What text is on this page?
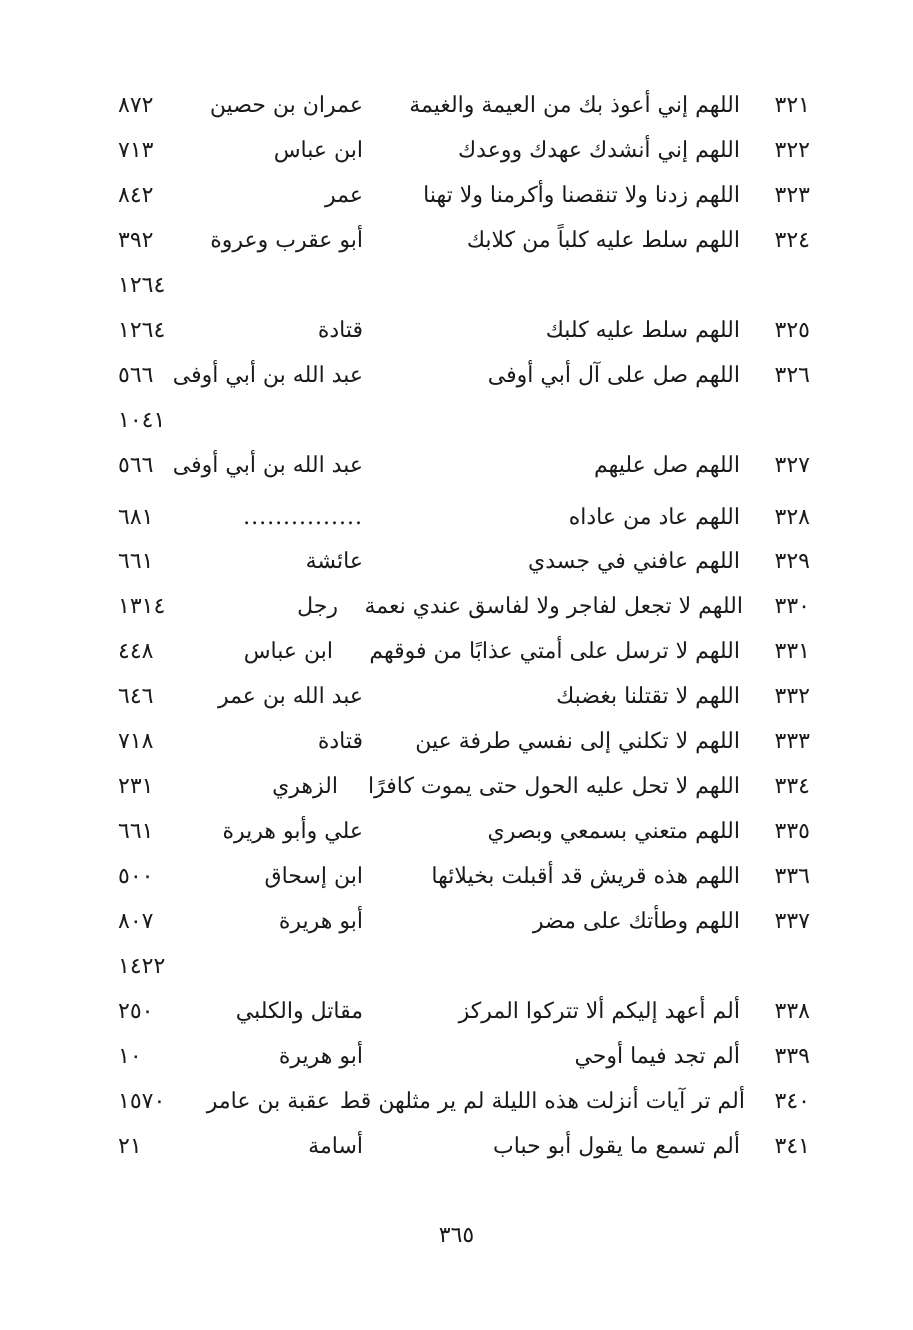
٣٢١
اللهم إني أعوذ بك من العيمة والغيمة
عمران بن حصين
٨٧٢
٣٢٢
اللهم إني أنشدك عهدك ووعدك
ابن عباس
٧١٣
٣٢٣
اللهم زدنا ولا تنقصنا وأكرمنا ولا تهنا
عمر
٨٤٢
٣٢٤
اللهم سلط عليه كلباً من كلابك
أبو عقرب وعروة
٣٩٢
١٢٦٤
٣٢٥
اللهم سلط عليه كلبك
قتادة
١٢٦٤
٣٢٦
اللهم صل على آل أبي أوفى
عبد الله بن أبي أوفى
٥٦٦
١٠٤١
٣٢٧
اللهم صل عليهم
عبد الله بن أبي أوفى
٥٦٦
٣٢٨
اللهم عاد من عاداه
...............
٦٨١
٣٢٩
اللهم عافني في جسدي
عائشة
٦٦١
٣٣٠
اللهم لا تجعل لفاجر ولا لفاسق عندي نعمة
رجل
١٣١٤
٣٣١
اللهم لا ترسل على أمتي عذابًا من فوقهم
ابن عباس
٤٤٨
٣٣٢
اللهم لا تقتلنا بغضبك
عبد الله بن عمر
٦٤٦
٣٣٣
اللهم لا تكلني إلى نفسي طرفة عين
قتادة
٧١٨
٣٣٤
اللهم لا تحل عليه الحول حتى يموت كافرًا
الزهري
٢٣١
٣٣٥
اللهم متعني بسمعي وبصري
علي وأبو هريرة
٦٦١
٣٣٦
اللهم هذه قريش قد أقبلت بخيلائها
ابن إسحاق
٥٠٠
٣٣٧
اللهم وطأتك على مضر
أبو هريرة
٨٠٧
١٤٢٢
٣٣٨
ألم أعهد إليكم ألا تتركوا المركز
مقاتل والكلبي
٢٥٠
٣٣٩
ألم تجد فيما أوحي
أبو هريرة
١٠
٣٤٠
ألم تر آيات أنزلت هذه الليلة لم ير مثلهن قط
عقبة بن عامر
١٥٧٠
٣٤١
ألم تسمع ما يقول أبو حباب
أسامة
٢١
٣٦٥
